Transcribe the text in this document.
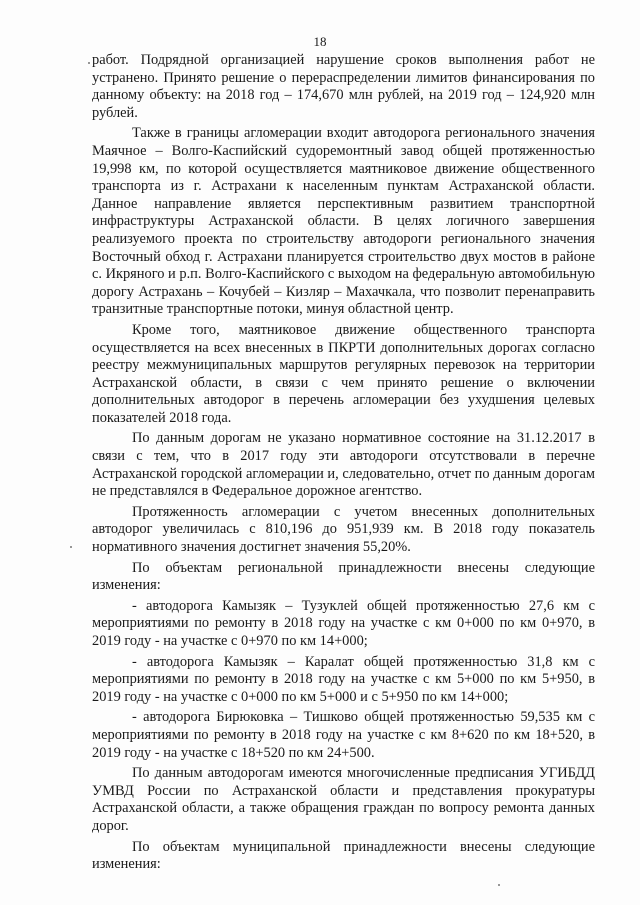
18

работ. Подрядной организацией нарушение сроков выполнения работ не устранено. Принято решение о перераспределении лимитов финансирования по данному объекту: на 2018 год – 174,670 млн рублей, на 2019 год – 124,920 млн рублей.

Также в границы агломерации входит автодорога регионального значения Маячное – Волго-Каспийский судоремонтный завод общей протяженностью 19,998 км, по которой осуществляется маятниковое движение общественного транспорта из г. Астрахани к населенным пунктам Астраханской области. Данное направление является перспективным развитием транспортной инфраструктуры Астраханской области. В целях логичного завершения реализуемого проекта по строительству автодороги регионального значения Восточный обход г. Астрахани планируется строительство двух мостов в районе с. Икряного и р.п. Волго-Каспийского с выходом на федеральную автомобильную дорогу Астрахань – Кочубей – Кизляр – Махачкала, что позволит перенаправить транзитные транспортные потоки, минуя областной центр.

Кроме того, маятниковое движение общественного транспорта осуществляется на всех внесенных в ПКРТИ дополнительных дорогах согласно реестру межмуниципальных маршрутов регулярных перевозок на территории Астраханской области, в связи с чем принято решение о включении дополнительных автодорог в перечень агломерации без ухудшения целевых показателей 2018 года.

По данным дорогам не указано нормативное состояние на 31.12.2017 в связи с тем, что в 2017 году эти автодороги отсутствовали в перечне Астраханской городской агломерации и, следовательно, отчет по данным дорогам не представлялся в Федеральное дорожное агентство.

Протяженность агломерации с учетом внесенных дополнительных автодорог увеличилась с 810,196 до 951,939 км. В 2018 году показатель нормативного значения достигнет значения 55,20%.

По объектам региональной принадлежности внесены следующие изменения:

- автодорога Камызяк – Тузуклей общей протяженностью 27,6 км с мероприятиями по ремонту в 2018 году на участке с км 0+000 по км 0+970, в 2019 году - на участке с 0+970 по км 14+000;

- автодорога Камызяк – Каралат общей протяженностью 31,8 км с мероприятиями по ремонту в 2018 году на участке с км 5+000 по км 5+950, в 2019 году - на участке с 0+000 по км 5+000 и с 5+950 по км 14+000;

- автодорога Бирюковка – Тишково общей протяженностью 59,535 км с мероприятиями по ремонту в 2018 году на участке с км 8+620 по км 18+520, в 2019 году - на участке с 18+520 по км 24+500.

По данным автодорогам имеются многочисленные предписания УГИБДД УМВД России по Астраханской области и представления прокуратуры Астраханской области, а также обращения граждан по вопросу ремонта данных дорог.

По объектам муниципальной принадлежности внесены следующие изменения:
